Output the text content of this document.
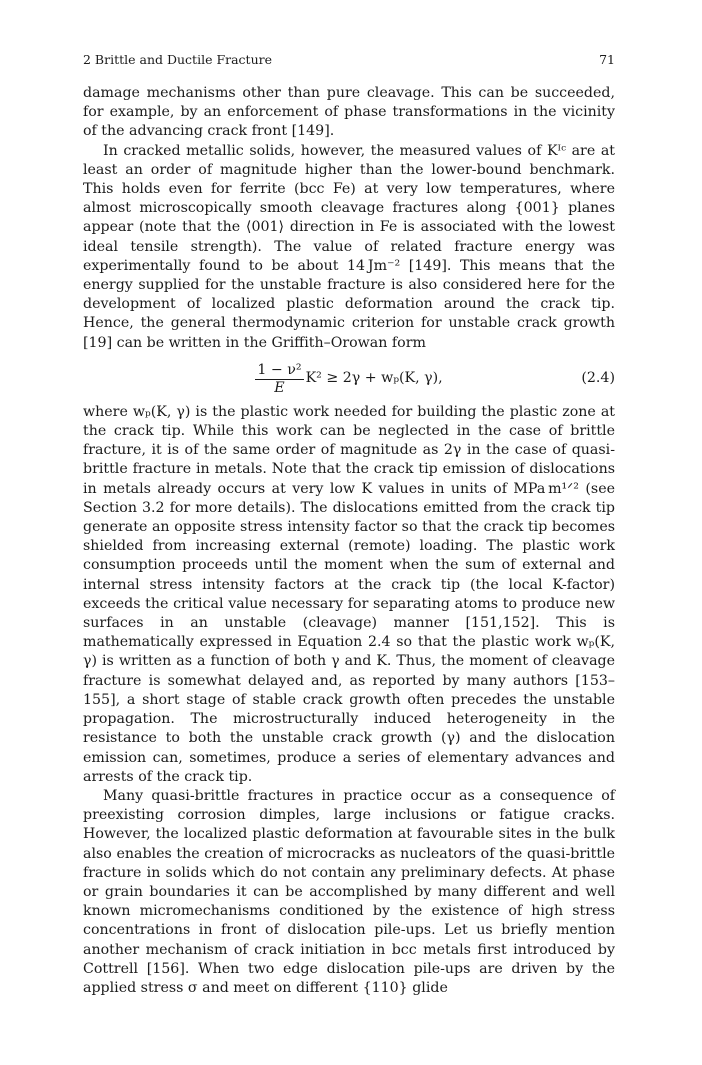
2 Brittle and Ductile Fracture	71

damage mechanisms other than pure cleavage. This can be succeeded, for example, by an enforcement of phase transformations in the vicinity of the advancing crack front [149].

In cracked metallic solids, however, the measured values of Kᴵᶜ are at least an order of magnitude higher than the lower-bound benchmark. This holds even for ferrite (bcc Fe) at very low temperatures, where almost microscopically smooth cleavage fractures along {001} planes appear (note that the ⟨001⟩ direction in Fe is associated with the lowest ideal tensile strength). The value of related fracture energy was experimentally found to be about 14 Jm⁻² [149]. This means that the energy supplied for the unstable fracture is also considered here for the development of localized plastic deformation around the crack tip. Hence, the general thermodynamic criterion for unstable crack growth [19] can be written in the Griffith–Orowan form

$\frac{\text{1 − ν²}}{E} K^2 \ge 2\gamma + w_p(K$, γ),	(2.4)

where wₚ(K, γ) is the plastic work needed for building the plastic zone at the crack tip. While this work can be neglected in the case of brittle fracture, it is of the same order of magnitude as 2γ in the case of quasi-brittle fracture in metals. Note that the crack tip emission of dislocations in metals already occurs at very low K values in units of MPa m¹ᐟ² (see Section 3.2 for more details). The dislocations emitted from the crack tip generate an opposite stress intensity factor so that the crack tip becomes shielded from increasing external (remote) loading. The plastic work consumption proceeds until the moment when the sum of external and internal stress intensity factors at the crack tip (the local K-factor) exceeds the critical value necessary for separating atoms to produce new surfaces in an unstable (cleavage) manner [151,152]. This is mathematically expressed in Equation 2.4 so that the plastic work wₚ(K, γ) is written as a function of both γ and K. Thus, the moment of cleavage fracture is somewhat delayed and, as reported by many authors [153–155], a short stage of stable crack growth often precedes the unstable propagation. The microstructurally induced heterogeneity in the resistance to both the unstable crack growth (γ) and the dislocation emission can, sometimes, produce a series of elementary advances and arrests of the crack tip.

Many quasi-brittle fractures in practice occur as a consequence of preexisting corrosion dimples, large inclusions or fatigue cracks. However, the localized plastic deformation at favourable sites in the bulk also enables the creation of microcracks as nucleators of the quasi-brittle fracture in solids which do not contain any preliminary defects. At phase or grain boundaries it can be accomplished by many different and well known micromechanisms conditioned by the existence of high stress concentrations in front of dislocation pile-ups. Let us briefly mention another mechanism of crack initiation in bcc metals first introduced by Cottrell [156]. When two edge dislocation pile-ups are driven by the applied stress σ and meet on different {110} glide
